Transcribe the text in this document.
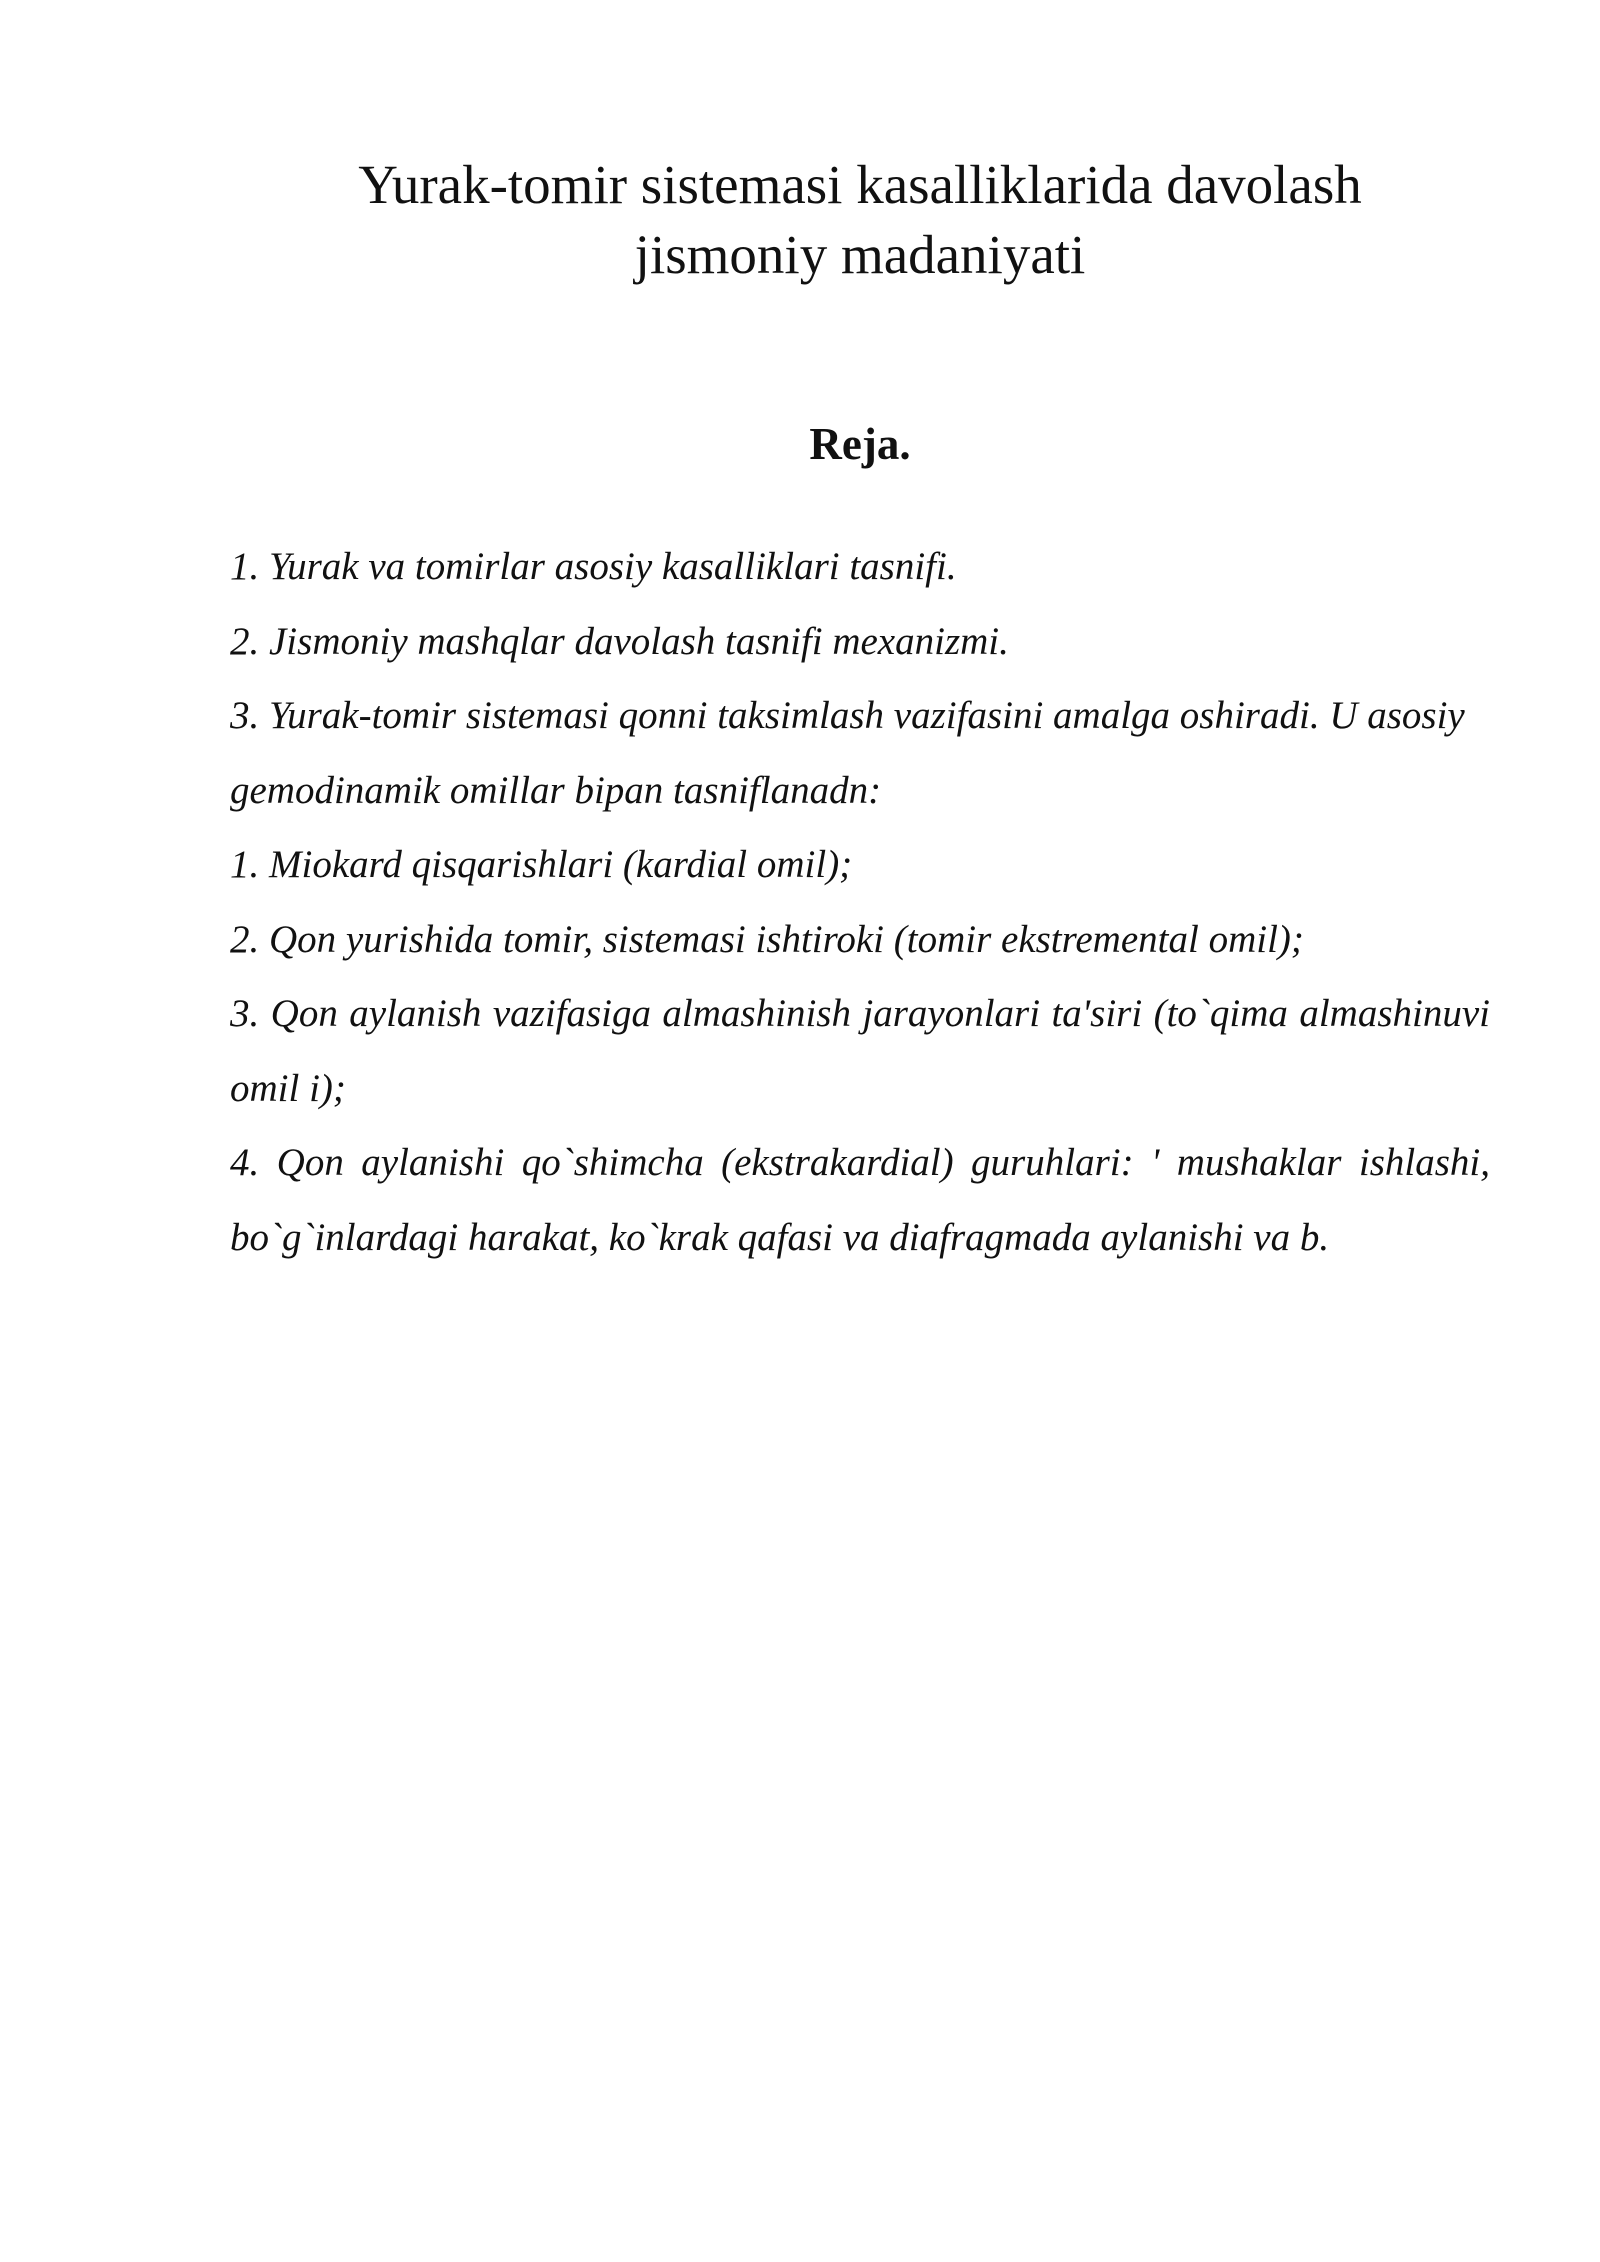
Yurak-tomir sistemasi kasalliklarida davolash
jismoniy madaniyati
Reja.

1. Yurak va tomirlar asosiy kasalliklari tasnifi.

2. Jismoniy mashqlar davolash tasnifi mexanizmi.

3. Yurak-tomir sistemasi qonni taksimlash vazifasini amalga oshiradi. U asosiy gemodinamik omillar bipan tasniflanadn:

1. Miokard qisqarishlari (kardial omil);

2. Qon yurishida tomir, sistemasi ishtiroki (tomir ekstremental omil);

3. Qon aylanish vazifasiga almashinish jarayonlari ta'siri (to`qima almashinuvi omil i);

4. Qon aylanishi qo`shimcha (ekstrakardial) guruhlari: ' mushaklar ishlashi, bo`g`inlardagi harakat, ko`krak qafasi va diafragmada aylanishi va b.
